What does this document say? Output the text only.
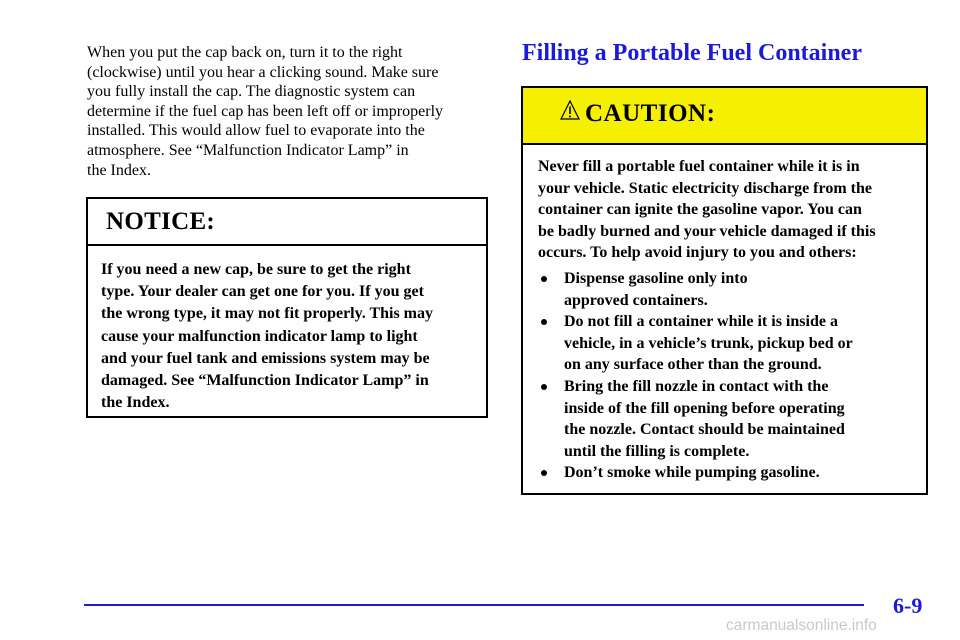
When you put the cap back on, turn it to the right
(clockwise) until you hear a clicking sound. Make sure
you fully install the cap. The diagnostic system can
determine if the fuel cap has been left off or improperly
installed. This would allow fuel to evaporate into the
atmosphere. See “Malfunction Indicator Lamp” in
the Index.
NOTICE:
If you need a new cap, be sure to get the right
type. Your dealer can get one for you. If you get
the wrong type, it may not fit properly. This may
cause your malfunction indicator lamp to light
and your fuel tank and emissions system may be
damaged. See “Malfunction Indicator Lamp” in
the Index.
Filling a Portable Fuel Container
CAUTION:
Never fill a portable fuel container while it is in
your vehicle. Static electricity discharge from the
container can ignite the gasoline vapor. You can
be badly burned and your vehicle damaged if this
occurs. To help avoid injury to you and others:
Dispense gasoline only into
approved containers.
Do not fill a container while it is inside a
vehicle, in a vehicle’s trunk, pickup bed or
on any surface other than the ground.
Bring the fill nozzle in contact with the
inside of the fill opening before operating
the nozzle. Contact should be maintained
until the filling is complete.
Don’t smoke while pumping gasoline.
6-9
carmanualsonline.info
